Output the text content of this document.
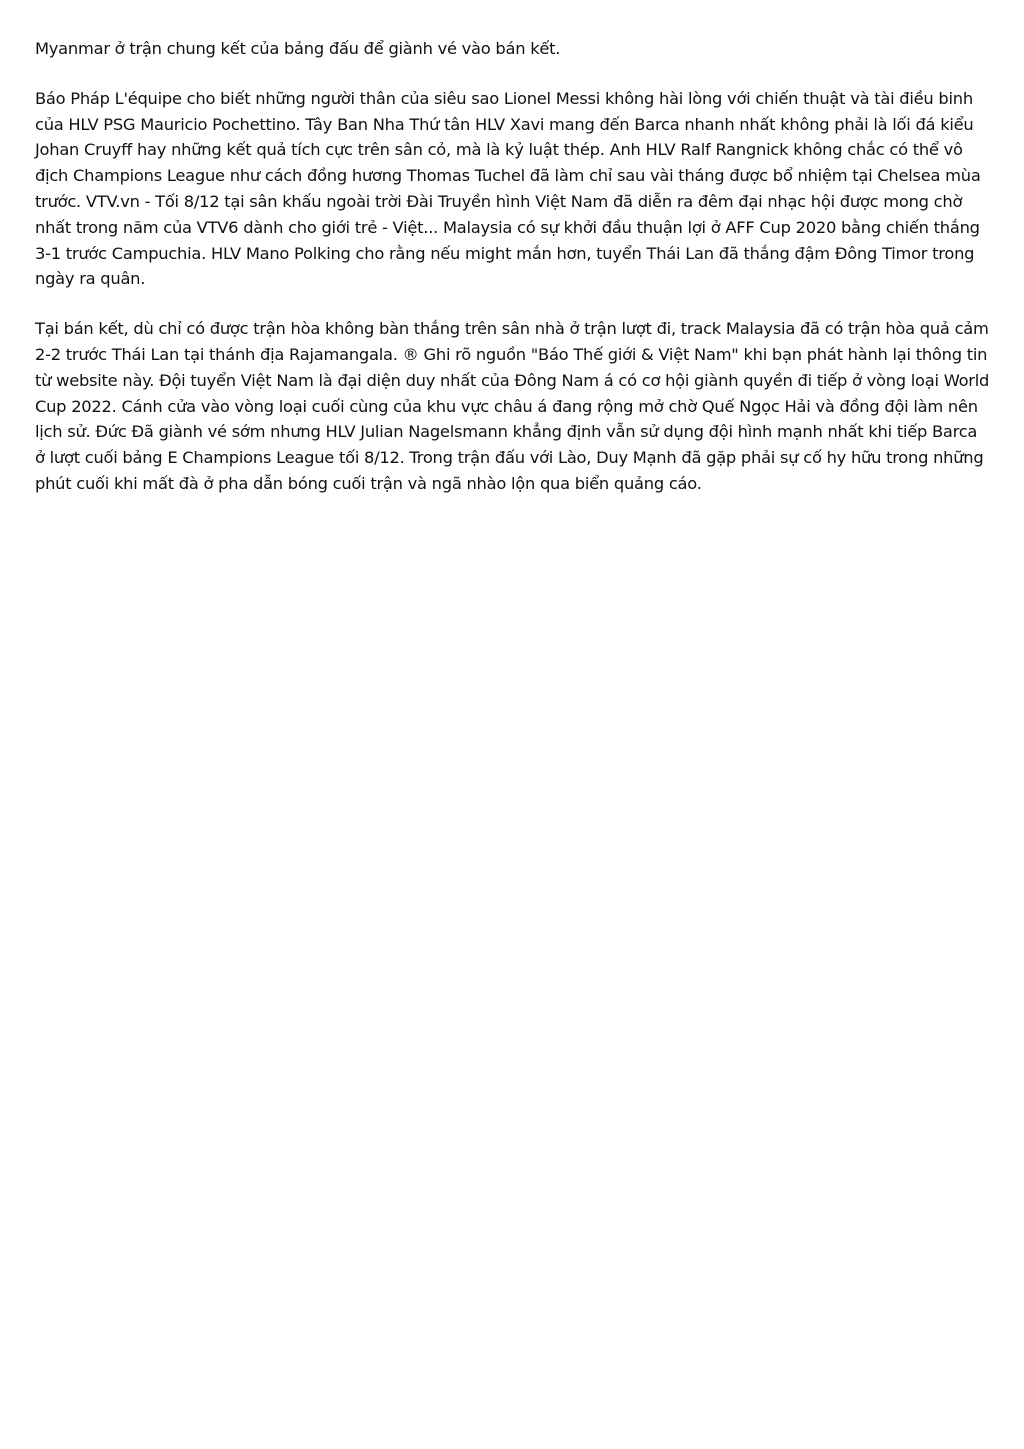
Myanmar ở trận chung kết của bảng đấu để giành vé vào bán kết.

Báo Pháp L'équipe cho biết những người thân của siêu sao Lionel Messi không hài lòng với chiến thuật và tài điều binh của HLV PSG Mauricio Pochettino. Tây Ban Nha Thứ tân HLV Xavi mang đến Barca nhanh nhất không phải là lối đá kiểu Johan Cruyff hay những kết quả tích cực trên sân cỏ, mà là kỷ luật thép. Anh HLV Ralf Rangnick không chắc có thể vô địch Champions League như cách đồng hương Thomas Tuchel đã làm chỉ sau vài tháng được bổ nhiệm tại Chelsea mùa trước. VTV.vn - Tối 8/12 tại sân khấu ngoài trời Đài Truyền hình Việt Nam đã diễn ra đêm đại nhạc hội được mong chờ nhất trong năm của VTV6 dành cho giới trẻ - Việt... Malaysia có sự khởi đầu thuận lợi ở AFF Cup 2020 bằng chiến thắng 3-1 trước Campuchia. HLV Mano Polking cho rằng nếu might mắn hơn, tuyển Thái Lan đã thắng đậm Đông Timor trong ngày ra quân.

Tại bán kết, dù chỉ có được trận hòa không bàn thắng trên sân nhà ở trận lượt đi, track Malaysia đã có trận hòa quả cảm 2-2 trước Thái Lan tại thánh địa Rajamangala. ® Ghi rõ nguồn "Báo Thế giới & Việt Nam" khi bạn phát hành lại thông tin từ website này. Đội tuyển Việt Nam là đại diện duy nhất của Đông Nam á có cơ hội giành quyền đi tiếp ở vòng loại World Cup 2022. Cánh cửa vào vòng loại cuối cùng của khu vực châu á đang rộng mở chờ Quế Ngọc Hải và đồng đội làm nên lịch sử. Đức Đã giành vé sớm nhưng HLV Julian Nagelsmann khẳng định vẫn sử dụng đội hình mạnh nhất khi tiếp Barca ở lượt cuối bảng E Champions League tối 8/12. Trong trận đấu với Lào, Duy Mạnh đã gặp phải sự cố hy hữu trong những phút cuối khi mất đà ở pha dẫn bóng cuối trận và ngã nhào lộn qua biển quảng cáo.
